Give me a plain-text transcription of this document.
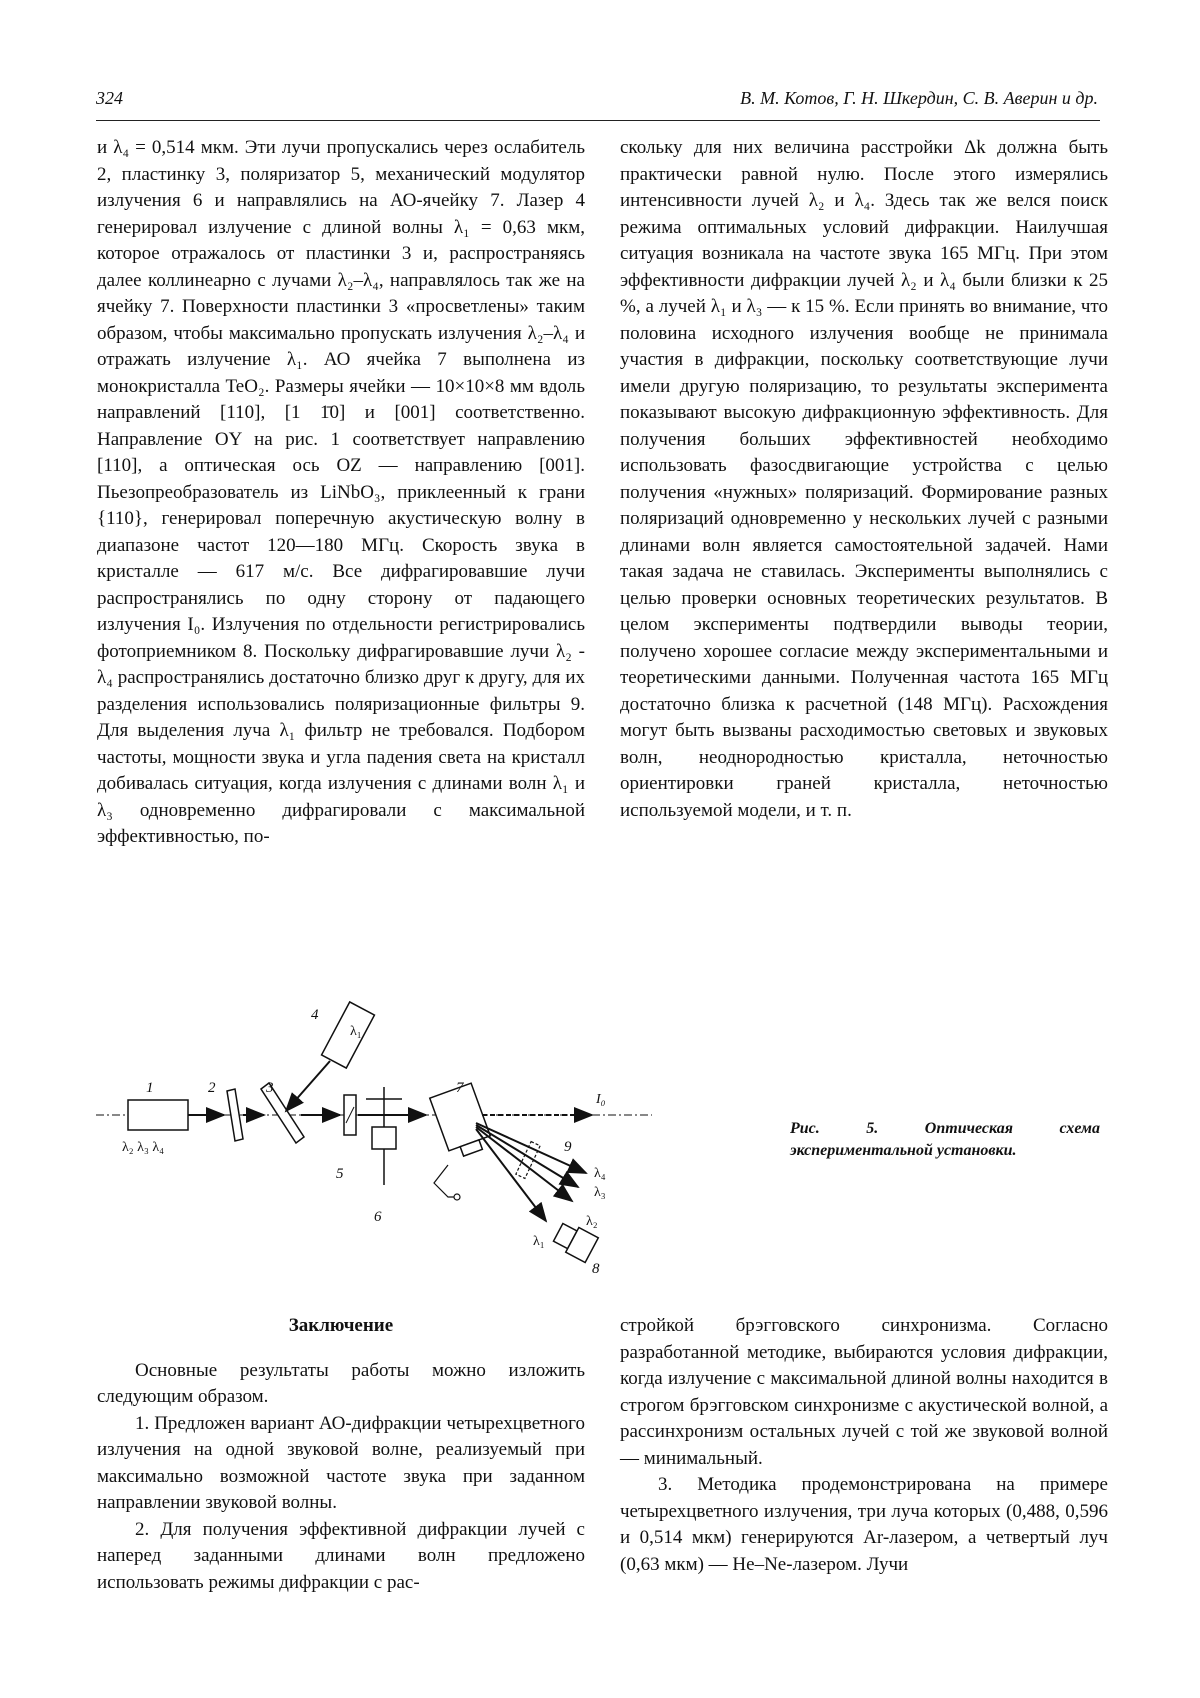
324	В. М. Котов, Г. Н. Шкердин, С. В. Аверин и др.

и λ₄ = 0,514 мкм. Эти лучи пропускались через ослабитель 2, пластинку 3, поляризатор 5, механический модулятор излучения 6 и направлялись на АО-ячейку 7. Лазер 4 генерировал излучение с длиной волны λ₁ = 0,63 мкм, которое отражалось от пластинки 3 и, распространяясь далее коллинеарно с лучами λ₂–λ₄, направлялось так же на ячейку 7. Поверхности пластинки 3 «просветлены» таким образом, чтобы максимально пропускать излучения λ₂–λ₄ и отражать излучение λ₁. АО ячейка 7 выполнена из монокристалла TeO₂. Размеры ячейки — 10×10×8 мм вдоль направлений [110], [1 1̄0] и [001] соответственно. Направление OY на рис. 1 соответствует направлению [110], а оптическая ось OZ — направлению [001]. Пьезопреобразователь из LiNbO₃, приклеенный к грани {110}, генерировал поперечную акустическую волну в диапазоне частот 120—180 МГц. Скорость звука в кристалле — 617 м/с. Все дифрагировавшие лучи распространялись по одну сторону от падающего излучения I₀. Излучения по отдельности регистрировались фотоприемником 8. Поскольку дифрагировавшие лучи λ₂ - λ₄ распространялись достаточно близко друг к другу, для их разделения использовались поляризационные фильтры 9. Для выделения луча λ₁ фильтр не требовался. Подбором частоты, мощности звука и угла падения света на кристалл добивалась ситуация, когда излучения с длинами волн λ₁ и λ₃ одновременно дифрагировали с максимальной эффективностью, по-

скольку для них величина расстройки Δk должна быть практически равной нулю. После этого измерялись интенсивности лучей λ₂ и λ₄. Здесь так же велся поиск режима оптимальных условий дифракции. Наилучшая ситуация возникала на частоте звука 165 МГц. При этом эффективности дифракции лучей λ₂ и λ₄ были близки к 25 %, а лучей λ₁ и λ₃ — к 15 %. Если принять во внимание, что половина исходного излучения вообще не принимала участия в дифракции, поскольку соответствующие лучи имели другую поляризацию, то результаты эксперимента показывают высокую дифракционную эффективность. Для получения больших эффективностей необходимо использовать фазосдвигающие устройства с целью получения «нужных» поляризаций. Формирование разных поляризаций одновременно у нескольких лучей с разными длинами волн является самостоятельной задачей. Нами такая задача не ставилась. Эксперименты выполнялись с целью проверки основных теоретических результатов. В целом эксперименты подтвердили выводы теории, получено хорошее согласие между экспериментальными и теоретическими данными. Полученная частота 165 МГц достаточно близка к расчетной (148 МГц). Расхождения могут быть вызваны расходимостью световых и звуковых волн, неоднородностью кристалла, неточностью ориентировки граней кристалла, неточностью используемой модели, и т. п.

1	2	3
4
5
6
7
8
9
λ₁
λ₂ λ₃ λ₄
I₀
λ₄
λ₃
λ₂
λ₁
Рис. 5. Оптическая схема экспериментальной установки.

Заключение

Основные результаты работы можно изложить следующим образом.

1. Предложен вариант АО-дифракции четырехцветного излучения на одной звуковой волне, реализуемый при максимально возможной частоте звука при заданном направлении звуковой волны.

2. Для получения эффективной дифракции лучей с наперед заданными длинами волн предложено использовать режимы дифракции с рас-

стройкой брэгговского синхронизма. Согласно разработанной методике, выбираются условия дифракции, когда излучение с максимальной длиной волны находится в строгом брэгговском синхронизме с акустической волной, а рассинхронизм остальных лучей с той же звуковой волной — минимальный.

3. Методика продемонстрирована на примере четырехцветного излучения, три луча которых (0,488, 0,596 и 0,514 мкм) генерируются Ar-лазером, а четвертый луч (0,63 мкм) — He–Ne-лазером. Лучи
